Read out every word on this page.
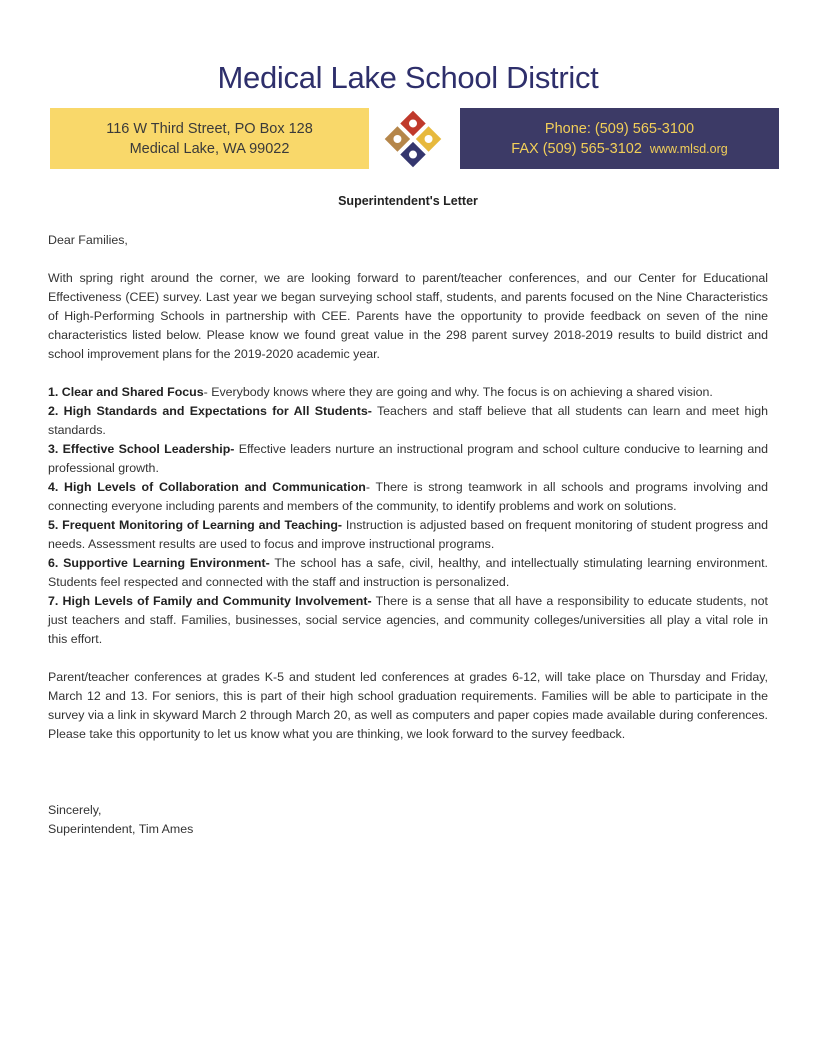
Medical Lake School District
116 W Third Street, PO Box 128
Medical Lake, WA 99022
Phone: (509) 565-3100
FAX (509) 565-3102 www.mlsd.org
Superintendent's Letter

Dear Families,

With spring right around the corner, we are looking forward to parent/teacher conferences, and our Center for Educational Effectiveness (CEE) survey. Last year we began surveying school staff, students, and parents focused on the Nine Characteristics of High-Performing Schools in partnership with CEE. Parents have the opportunity to provide feedback on seven of the nine characteristics listed below. Please know we found great value in the 298 parent survey 2018-2019 results to build district and school improvement plans for the 2019-2020 academic year.

1. Clear and Shared Focus- Everybody knows where they are going and why. The focus is on achieving a shared vision.

2. High Standards and Expectations for All Students- Teachers and staff believe that all students can learn and meet high standards.

3. Effective School Leadership- Effective leaders nurture an instructional program and school culture conducive to learning and professional growth.

4. High Levels of Collaboration and Communication- There is strong teamwork in all schools and programs involving and connecting everyone including parents and members of the community, to identify problems and work on solutions.

5. Frequent Monitoring of Learning and Teaching- Instruction is adjusted based on frequent monitoring of student progress and needs. Assessment results are used to focus and improve instructional programs.

6. Supportive Learning Environment- The school has a safe, civil, healthy, and intellectually stimulating learning environment. Students feel respected and connected with the staff and instruction is personalized.

7. High Levels of Family and Community Involvement- There is a sense that all have a responsibility to educate students, not just teachers and staff. Families, businesses, social service agencies, and community colleges/universities all play a vital role in this effort.

Parent/teacher conferences at grades K-5 and student led conferences at grades 6-12, will take place on Thursday and Friday, March 12 and 13. For seniors, this is part of their high school graduation requirements. Families will be able to participate in the survey via a link in skyward March 2 through March 20, as well as computers and paper copies made available during conferences. Please take this opportunity to let us know what you are thinking, we look forward to the survey feedback.

Sincerely,

Superintendent, Tim Ames
